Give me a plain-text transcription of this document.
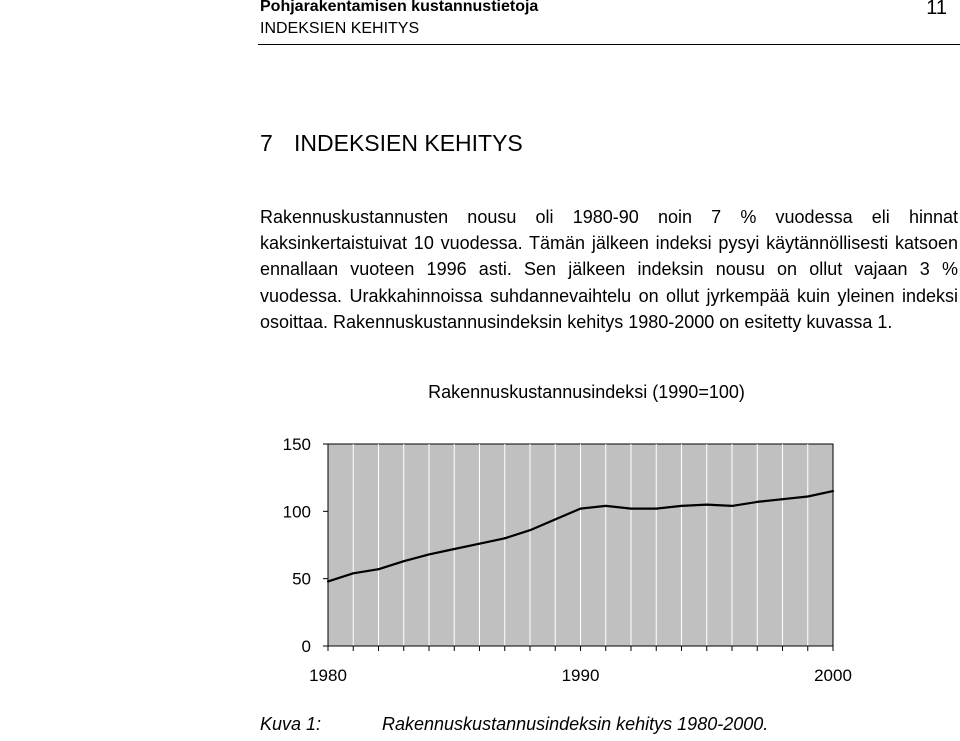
Pohjarakentamisen kustannustietoja
INDEKSIEN KEHITYS
11
7 INDEKSIEN KEHITYS

Rakennuskustannusten nousu oli 1980-90 noin 7 % vuodessa eli hinnat kaksinkertaistuivat 10 vuodessa. Tämän jälkeen indeksi pysyi käytännöllisesti katsoen ennallaan vuoteen 1996 asti. Sen jälkeen indeksin nousu on ollut vajaan 3 % vuodessa. Urakkahinnoissa suhdannevaihtelu on ollut jyrkempää kuin yleinen indeksi osoittaa. Rakennuskustannusindeksin kehitys 1980-2000 on esitetty kuvassa 1.

Rakennuskustannusindeksi (1990=100)
0
50
100
150
1980	1990	2000
Kuva 1:	Rakennuskustannusindeksin kehitys 1980-2000.
